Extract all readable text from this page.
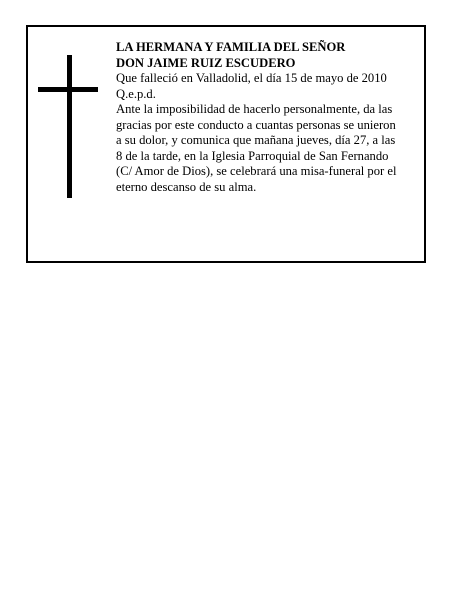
LA HERMANA Y FAMILIA DEL SEÑOR
DON JAIME RUIZ ESCUDERO
Que falleció en Valladolid, el día 15 de mayo de 2010
Q.e.p.d.
Ante la imposibilidad de hacerlo personalmente, da las
gracias por este conducto a cuantas personas se unieron
a su dolor, y comunica que mañana jueves, día 27, a las
8 de la tarde, en la Iglesia Parroquial de San Fernando
(C/ Amor de Dios), se celebrará una misa-funeral por el
eterno descanso de su alma.
